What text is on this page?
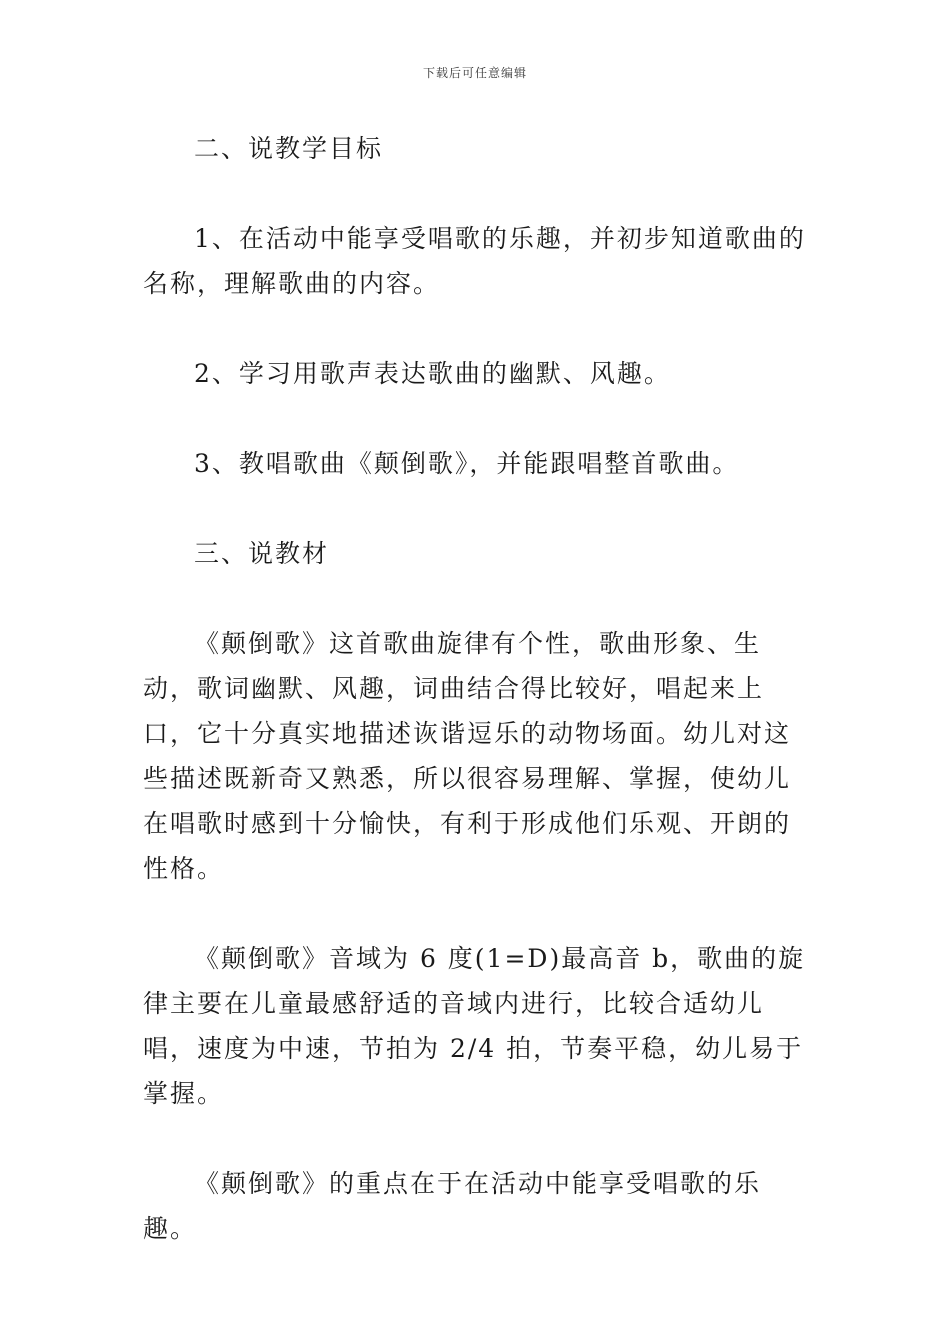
下载后可任意编辑

二、说教学目标

1、在活动中能享受唱歌的乐趣，并初步知道歌曲的名称，理解歌曲的内容。

2、学习用歌声表达歌曲的幽默、风趣。

3、教唱歌曲《颠倒歌》，并能跟唱整首歌曲。

三、说教材

《颠倒歌》这首歌曲旋律有个性，歌曲形象、生动，歌词幽默、风趣，词曲结合得比较好，唱起来上口，它十分真实地描述诙谐逗乐的动物场面。幼儿对这些描述既新奇又熟悉，所以很容易理解、掌握，使幼儿在唱歌时感到十分愉快，有利于形成他们乐观、开朗的性格。

《颠倒歌》音域为 6 度(1=D)最高音 b，歌曲的旋律主要在儿童最感舒适的音域内进行，比较合适幼儿唱，速度为中速，节拍为 2/4 拍，节奏平稳，幼儿易于掌握。

《颠倒歌》的重点在于在活动中能享受唱歌的乐趣。
